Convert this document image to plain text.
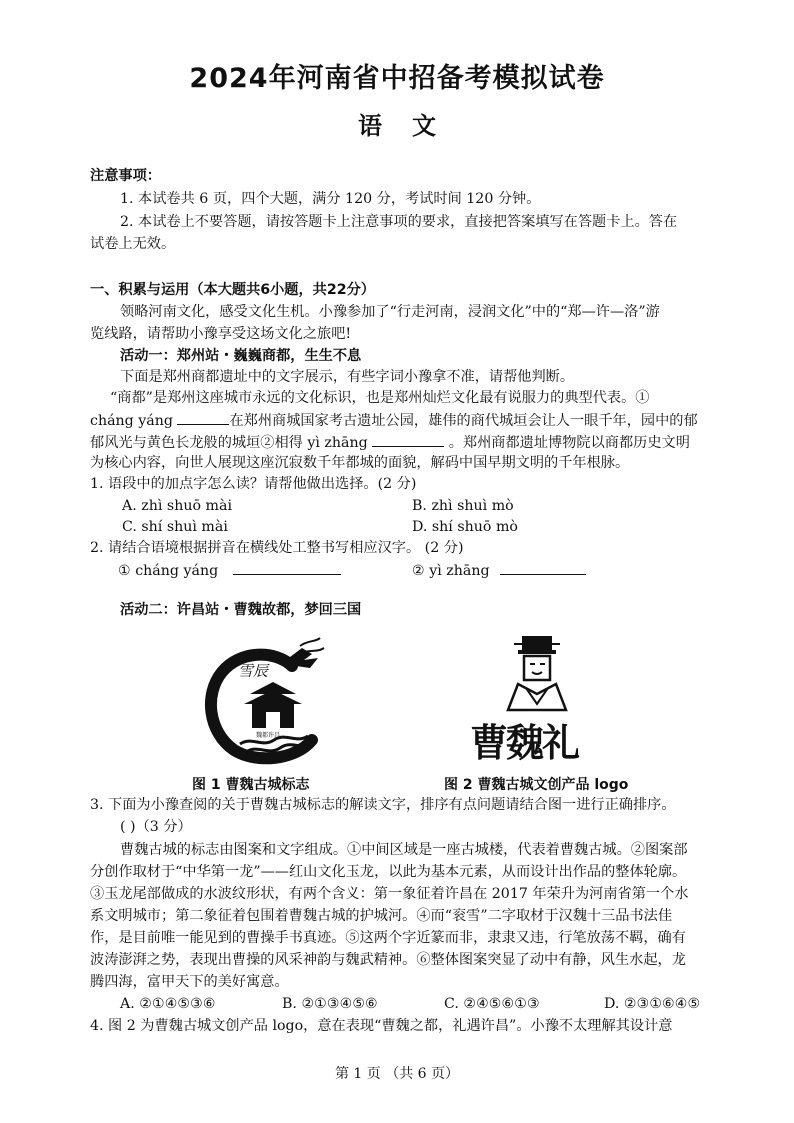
2024年河南省中招备考模拟试卷
语文
注意事项：
1. 本试卷共 6 页，四个大题，满分 120 分，考试时间 120 分钟。
2. 本试卷上不要答题，请按答题卡上注意事项的要求，直接把答案填写在答题卡上。答在
试卷上无效。
一、积累与运用（本大题共6小题，共22分）
领略河南文化，感受文化生机。小豫参加了“行走河南，浸润文化”中的“郑—许—洛”游
览线路，请帮助小豫享受这场文化之旅吧!
活动一：郑州站・巍巍商都，生生不息
下面是郑州商都遗址中的文字展示，有些字词小豫拿不准，请帮他判断。
“商都”是郑州这座城市永远的文化标识，也是郑州灿烂文化最有说服力的典型代表。①
cháng yáng	在郑州商城国家考古遗址公园，雄伟的商代城垣会让人一眼千年，园中的郁
郁风光与黄色长龙般的城垣②相得 yì zhāng	。郑州商都遗址博物院以商都历史文明
为核心内容，向世人展现这座沉寂数千年都城的面貌，解码中国早期文明的千年根脉。
1. 语段中的加点字怎么读？请帮他做出选择。(2 分)
A. zhì shuō mài	B. zhì shuì mò
C. shí shuì mài	D. shí shuō mò
2. 请结合语境根据拼音在横线处工整书写相应汉字。 (2 分)
① cháng yáng	② yì zhāng
活动二：许昌站・曹魏故都，梦回三国
雪辰
魏都许昌	曹魏礼
图 1 曹魏古城标志	图 2 曹魏古城文创产品 logo
3. 下面为小豫查阅的关于曹魏古城标志的解读文字，排序有点问题请结合图一进行正确排序。
( )（3 分）
曹魏古城的标志由图案和文字组成。①中间区域是一座古城楼，代表着曹魏古城。②图案部
分创作取材于“中华第一龙”——红山文化玉龙，以此为基本元素，从而设计出作品的整体轮廓。
③玉龙尾部做成的水波纹形状，有两个含义：第一象征着许昌在 2017 年荣升为河南省第一个水
系文明城市；第二象征着包围着曹魏古城的护城河。④而“衮雪”二字取材于汉魏十三品书法佳
作，是目前唯一能见到的曹操手书真迹。⑤这两个字近篆而非，隶隶又违，行笔放荡不羁，确有
波涛澎湃之势，表现出曹操的风采神韵与魏武精神。⑥整体图案突显了动中有静，风生水起，龙
腾四海，富甲天下的美好寓意。
A. ②①④⑤③⑥	B. ②①③④⑤⑥	C. ②④⑤⑥①③	D. ②③①⑥④⑤
4. 图 2 为曹魏古城文创产品 logo，意在表现“曹魏之都，礼遇许昌”。小豫不太理解其设计意
第 1 页 （共 6 页）
